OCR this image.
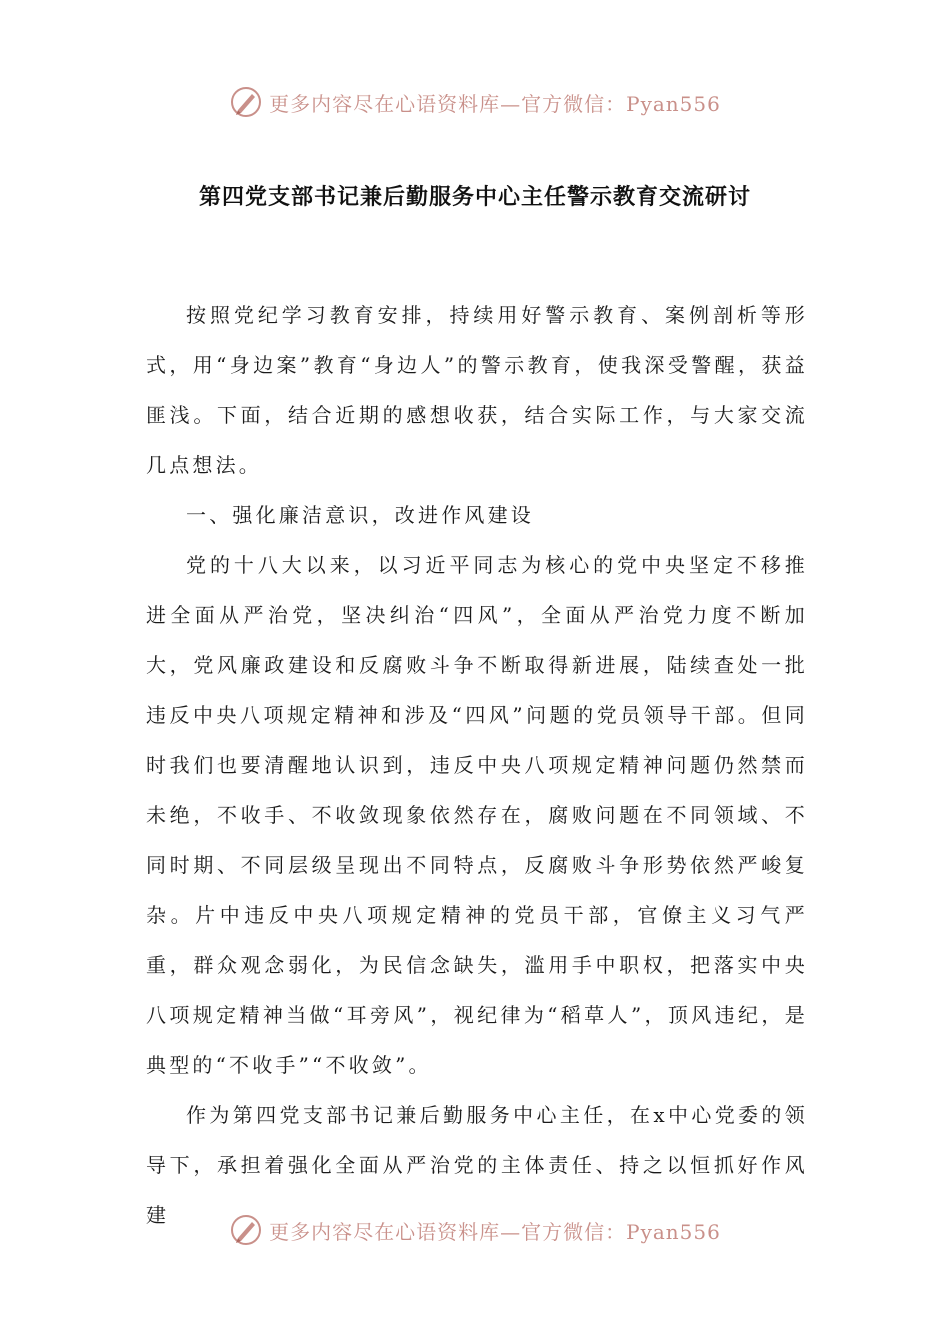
更多内容尽在心语资料库—官方微信：Pyan556
第四党支部书记兼后勤服务中心主任警示教育交流研讨

按照党纪学习教育安排，持续用好警示教育、案例剖析等形式，用“身边案”教育“身边人”的警示教育，使我深受警醒，获益匪浅。下面，结合近期的感想收获，结合实际工作，与大家交流几点想法。

一、强化廉洁意识，改进作风建设

党的十八大以来，以习近平同志为核心的党中央坚定不移推进全面从严治党，坚决纠治“四风”，全面从严治党力度不断加大，党风廉政建设和反腐败斗争不断取得新进展，陆续查处一批违反中央八项规定精神和涉及“四风”问题的党员领导干部。但同时我们也要清醒地认识到，违反中央八项规定精神问题仍然禁而未绝，不收手、不收敛现象依然存在，腐败问题在不同领域、不同时期、不同层级呈现出不同特点，反腐败斗争形势依然严峻复杂。片中违反中央八项规定精神的党员干部，官僚主义习气严重，群众观念弱化，为民信念缺失，滥用手中职权，把落实中央八项规定精神当做“耳旁风”，视纪律为“稻草人”，顶风违纪，是典型的“不收手”“不收敛”。

作为第四党支部书记兼后勤服务中心主任，在x中心党委的领导下，承担着强化全面从严治党的主体责任、持之以恒抓好作风建

更多内容尽在心语资料库—官方微信：Pyan556
